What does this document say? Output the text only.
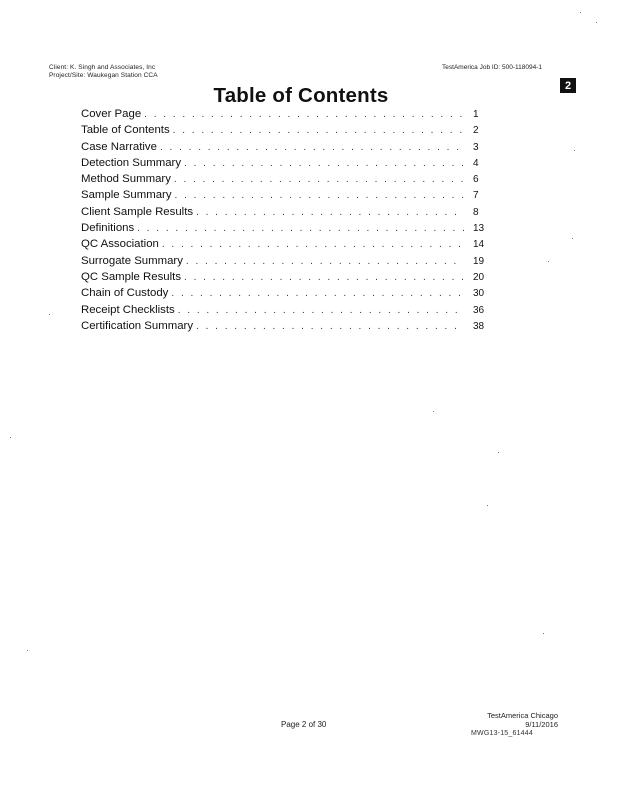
Client: K. Singh and Associates, Inc
Project/Site: Waukegan Station CCA
TestAmerica Job ID: 500-118094-1
2
Table of Contents
Cover Page . . .	1
Table of Contents . . .	2
Case Narrative . . .	3
Detection Summary . . .	4
Method Summary . . .	6
Sample Summary . . .	7
Client Sample Results . . .	8
Definitions . . .	13
QC Association . . .	14
Surrogate Summary . . .	19
QC Sample Results . . .	20
Chain of Custody . . .	30
Receipt Checklists . . .	36
Certification Summary . . .	38
Page 2 of 30
TestAmerica Chicago
9/11/2016
MWG13-15_61444
